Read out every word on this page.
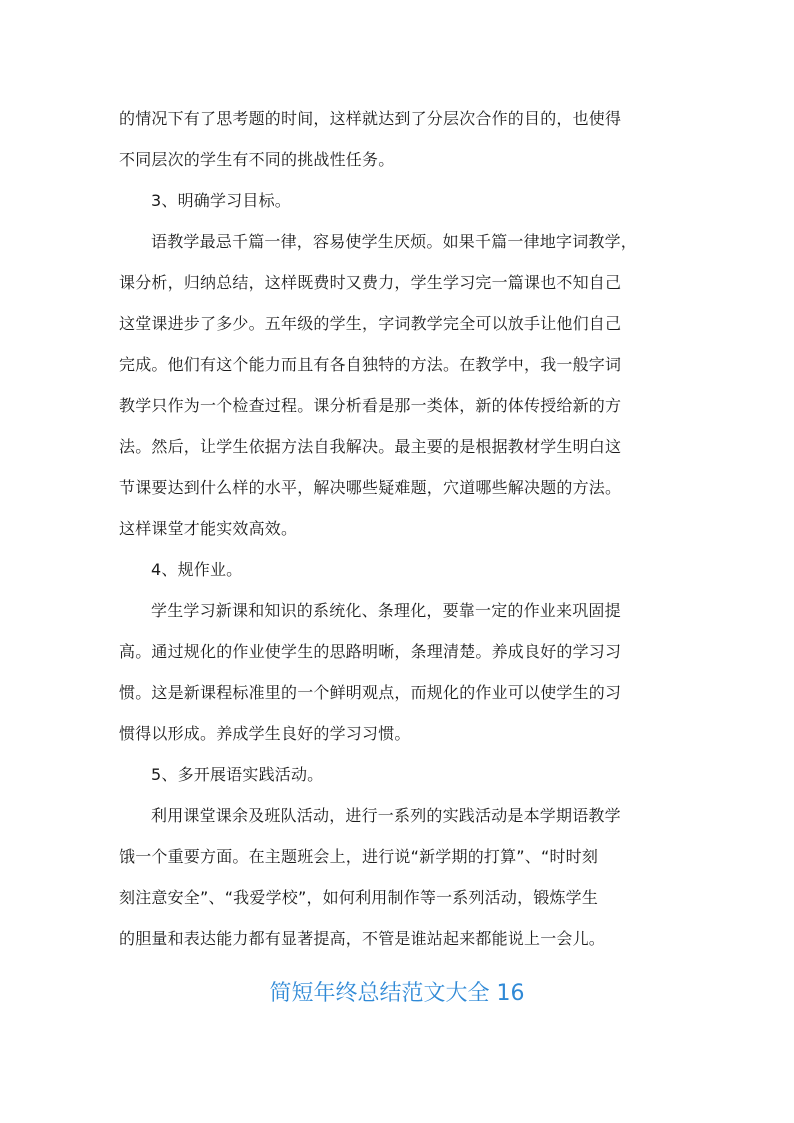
的情况下有了思考题的时间，这样就达到了分层次合作的目的，也使得
不同层次的学生有不同的挑战性任务。
3、明确学习目标。
语教学最忌千篇一律，容易使学生厌烦。如果千篇一律地字词教学，
课分析，归纳总结，这样既费时又费力，学生学习完一篇课也不知自己
这堂课进步了多少。五年级的学生，字词教学完全可以放手让他们自己
完成。他们有这个能力而且有各自独特的方法。在教学中，我一般字词
教学只作为一个检查过程。课分析看是那一类体，新的体传授给新的方
法。然后，让学生依据方法自我解决。最主要的是根据教材学生明白这
节课要达到什么样的水平，解决哪些疑难题，穴道哪些解决题的方法。
这样课堂才能实效高效。
4、规作业。
学生学习新课和知识的系统化、条理化，要靠一定的作业来巩固提
高。通过规化的作业使学生的思路明晰，条理清楚。养成良好的学习习
惯。这是新课程标准里的一个鲜明观点，而规化的作业可以使学生的习
惯得以形成。养成学生良好的学习习惯。
5、多开展语实践活动。
利用课堂课余及班队活动，进行一系列的实践活动是本学期语教学
饿一个重要方面。在主题班会上，进行说“新学期的打算”、“时时刻
刻注意安全”、“我爱学校”，如何利用制作等一系列活动，锻炼学生
的胆量和表达能力都有显著提高，不管是谁站起来都能说上一会儿。
简短年终总结范文大全 16
